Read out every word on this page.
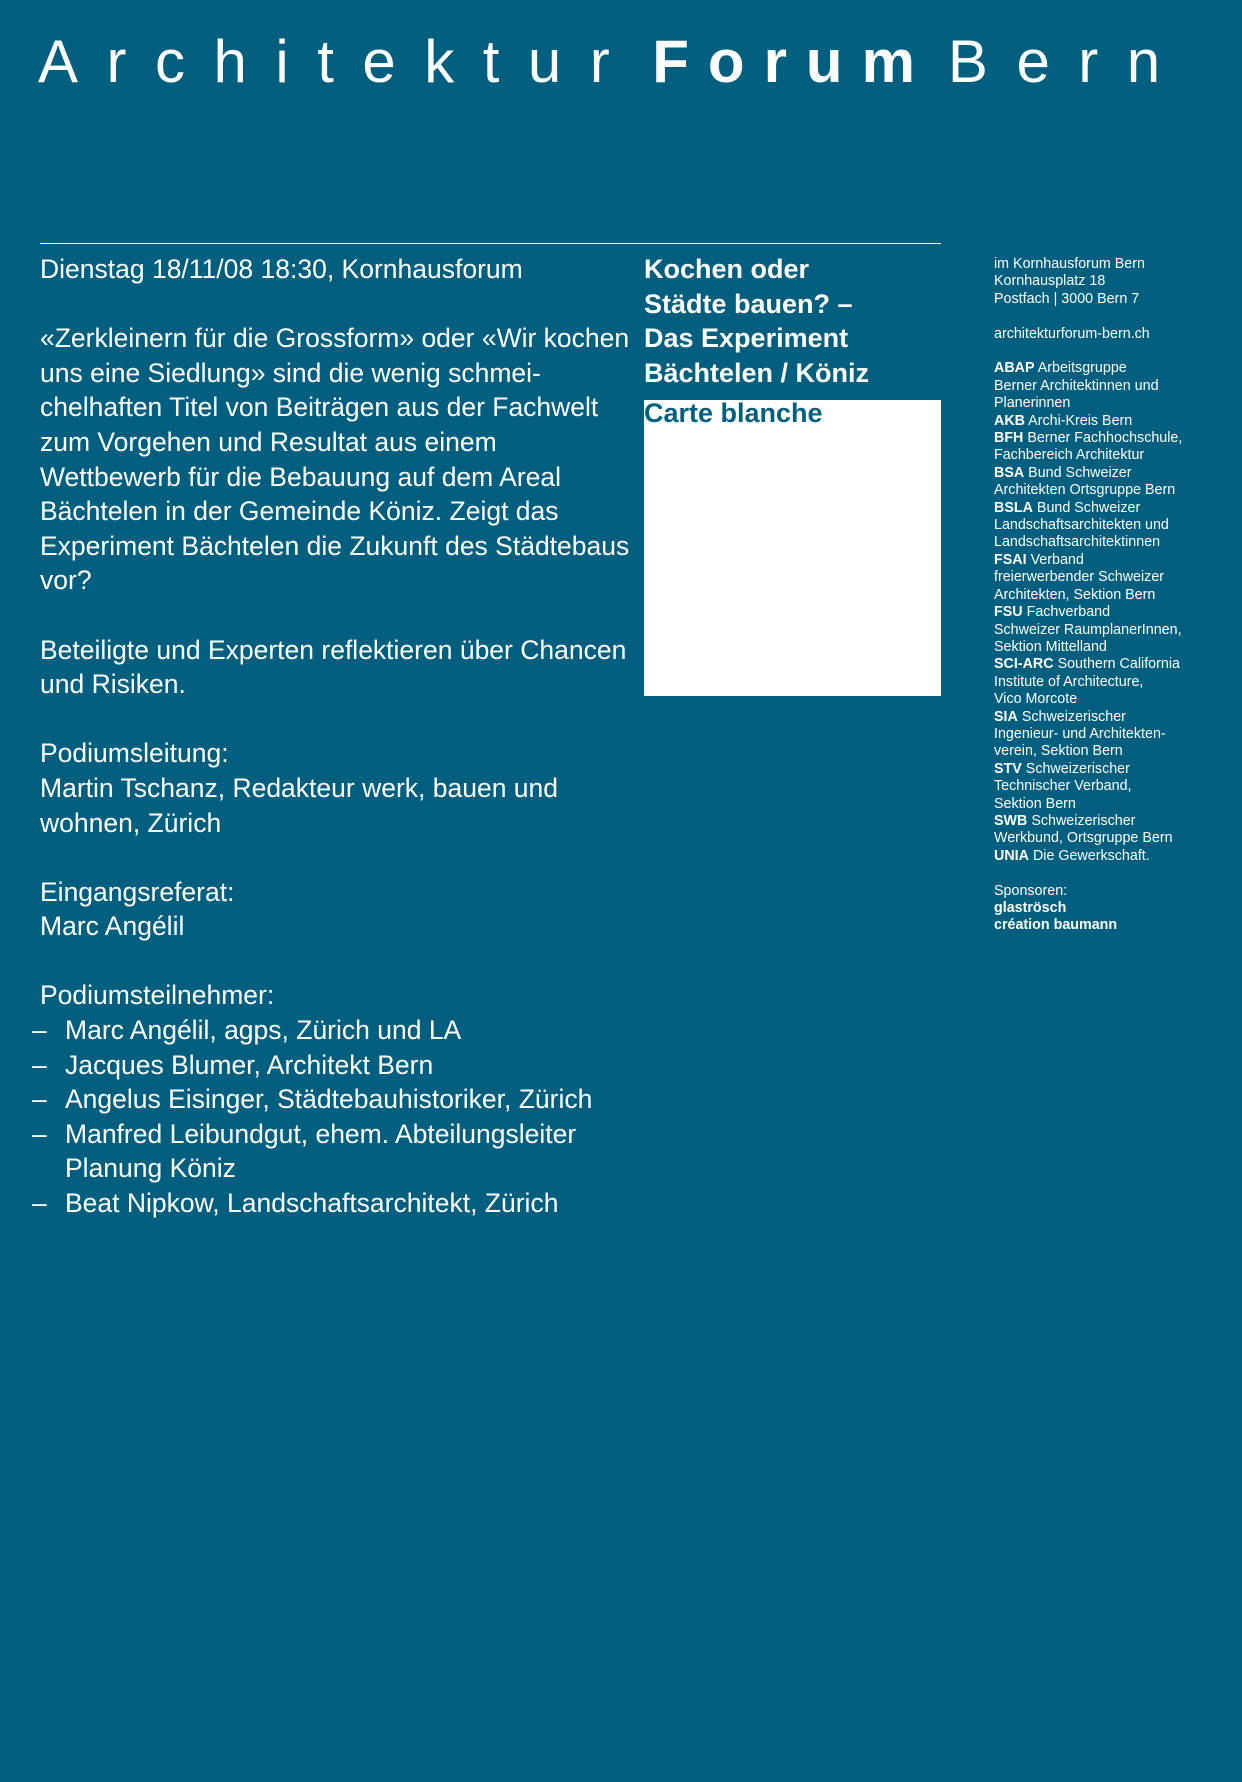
Architektur Forum Bern

Dienstag 18/11/08 18:30, Kornhausforum

«Zerkleinern für die Grossform» oder «Wir kochen uns eine Siedlung» sind die wenig schmeichelhaften Titel von Beiträgen aus der Fachwelt zum Vorgehen und Resultat aus einem Wettbewerb für die Bebauung auf dem Areal Bächtelen in der Gemeinde Köniz. Zeigt das Experiment Bächtelen die Zukunft des Städtebaus vor?

Beteiligte und Experten reflektieren über Chancen und Risiken.

Podiumsleitung:

Martin Tschanz, Redakteur werk, bauen und wohnen, Zürich

Eingangsreferat:

Marc Angélil

Podiumsteilnehmer:

– Marc Angélil, agps, Zürich und LA
– Jacques Blumer, Architekt Bern
– Angelus Eisinger, Städtebauhistoriker, Zürich
– Manfred Leibundgut, ehem. Abteilungsleiter Planung Köniz
– Beat Nipkow, Landschaftsarchitekt, Zürich
Kochen oder
Städte bauen? –
Das Experiment
Bächtelen / Köniz
Carte blanche

im Kornhausforum Bern

Kornhausplatz 18

Postfach | 3000 Bern 7

architekturforum-bern.ch

ABAP Arbeitsgruppe

Berner Architektinnen und

Planerinnen

AKB Archi-Kreis Bern

BFH Berner Fachhochschule,

Fachbereich Architektur

BSA Bund Schweizer

Architekten Ortsgruppe Bern

BSLA Bund Schweizer

Landschaftsarchitekten und

Landschaftsarchitektinnen

FSAI Verband

freierwerbender Schweizer

Architekten, Sektion Bern

FSU Fachverband

Schweizer RaumplanerInnen,

Sektion Mittelland

SCI-ARC Southern California

Institute of Architecture,

Vico Morcote

SIA Schweizerischer

Ingenieur- und Architekten-

verein, Sektion Bern

STV Schweizerischer

Technischer Verband,

Sektion Bern

SWB Schweizerischer

Werkbund, Ortsgruppe Bern

UNIA Die Gewerkschaft.

Sponsoren:

glaströsch

création baumann
